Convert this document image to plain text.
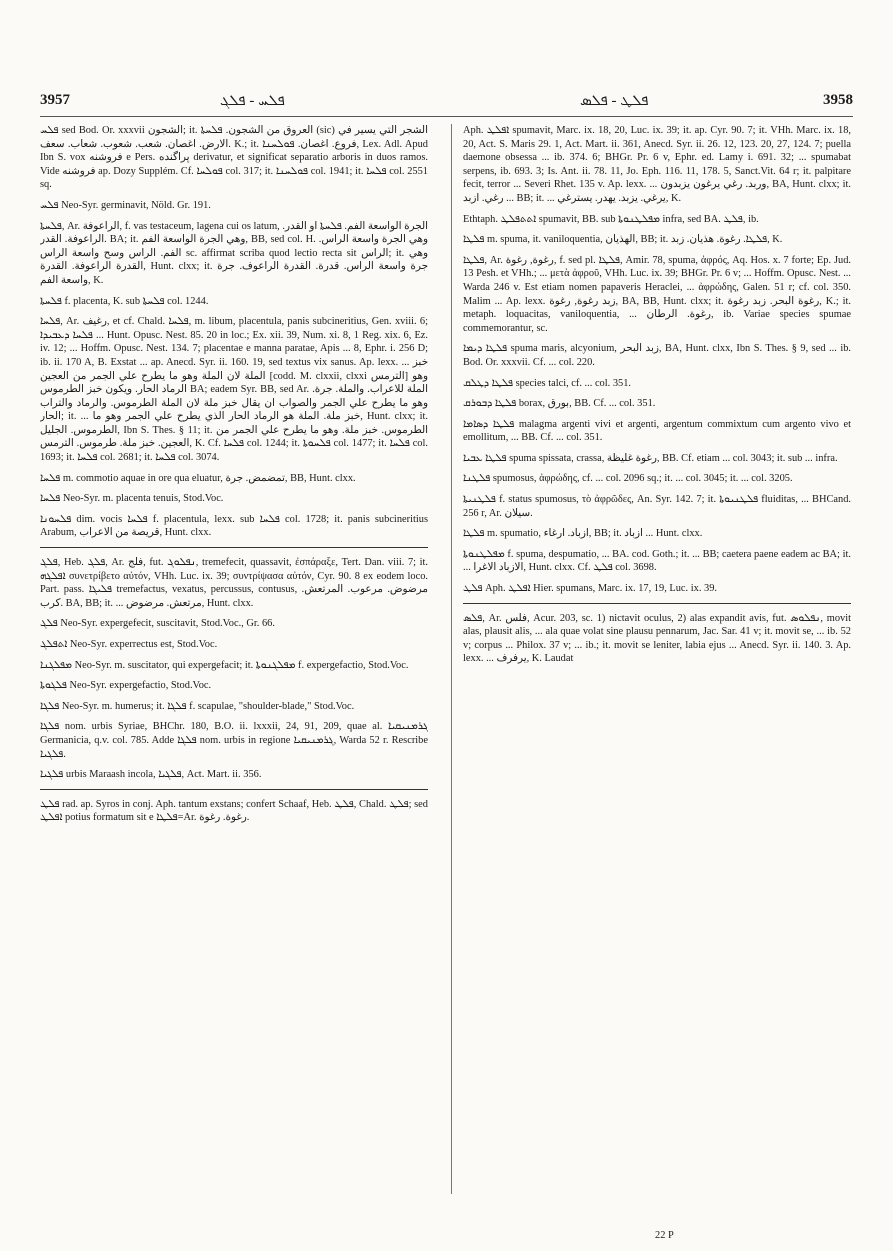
3957	ܦܠܚ - ܦܠܓ	ܦܠܛ - ܦܠܣ	3958

ܦܠܚ sed Bod. Or. xxxvii ﺍﻟﺸﺠﻮﻥ; it. ﺍﻟﻌﺮﻭﻕ ﻣﻦ ﺍﻟﺸﺠﻮﻥ. ܦܠܚܬܐ (sic) ﺍﻟﺸﺠﺮ ﺍﻟﺘﻲ ﻳﺴﻴﺮ ﻓﻲ ﺍﻻﺭﺽ. ﺍﻏﺼﺎﻥ. ﺷﻌﺐ. ﺷﻌﻮﺏ. ﺷﻌﺎﺏ. ﺳﻌﻒ. K.; it. ﻓﺮﻭﻉ. ﺍﻏﺼﺎﻥ. ܦܘܠܚܢܐ, Lex. Adl. Apud Ibn S. vox ﻓﺮﻭﺷﻨﻪ e Pers. ﭘﺮﺍﮔﻨﺪﻩ derivatur, et significat separatio arboris in duos ramos. Vide ﻓﺮﻭﺷﻨﻪ ap. Dozy Supplém. Cf. ܦܘܠܚܐ col. 317; it. ܦܘܠܚܢܐ col. 1941; it. ܦܠܚܐ col. 2551 sq.

ܦܠܚ Neo-Syr. germinavit, Nöld. Gr. 191.

ܦܠܚܬܐ, Ar. ﺍﻟﺮﺍﻋﻮﻓﺔ, f. vas testaceum, lagena cui os latum, ﺍﻟﺠﺮﺓ ﺍﻟﻮﺍﺳﻌﺔ ﺍﻟﻔﻢ. ܦܠܚܬܐ ﺍﻭ ﺍﻟﻘﺪﺭ. ﺍﻟﺮﺍﻋﻮﻓﺔ. ﺍﻟﻘﺪﺭ. BA; it. ﻭﻫﻲ ﺍﻟﺠﺮﺓ ﺍﻟﻮﺍﺳﻌﺔ ﺍﻟﻔﻢ, BB, sed col. H. ﻭﻫﻲ ﺍﻟﺠﺮﺓ ﻭﺍﺳﻌﺔ ﺍﻟﺮﺍﺱ. ﺍﻟﻔﻢ. ﺍﻟﺮﺍﺱ ﻭﺳﺢ ﻭﺍﺳﻌﺔ ﺍﻟﺮﺍﺱ sc. affirmat scriba quod lectio recta sit ﺍﻟﺮﺍﺱ; it. ﻭﻫﻲ ﺍﻟﻘﺪﺭﺓ ﺍﻟﺮﺍﻋﻮﻓﺔ. ﺍﻟﻘﺪﺭﺓ, Hunt. clxx; it. ﺟﺮﺓ ﻭﺍﺳﻌﺔ ﺍﻟﺮﺍﺱ. ﻗﺪﺭﺓ. ﺍﻟﻘﺪﺭﺓ ﺍﻟﺮﺍﻋﻮﻑ. ﺟﺮﺓ ﻭﺍﺳﻌﺔ ﺍﻟﻔﻢ, K.

ܦܠܚܬܐ f. placenta, K. sub ܦܠܚܬܐ col. 1244.

ܦܠܚܐ, Ar. ﺭﻏﻴﻒ, et cf. Chald. ܦܠܚܐ, m. libum, placentula, panis subcineritius, Gen. xviii. 6; ܦܠܚܐ ܕܥܒܝܕܐ ... Hunt. Opusc. Nest. 85. 20 in loc.; Ex. xii. 39, Num. xi. 8, 1 Reg. xix. 6, Ez. iv. 12; ... Hoffm. Opusc. Nest. 134. 7; placentae e manna paratae, Apis ... 8, Ephr. i. 256 D; ib. ii. 170 A, B. Exstat ... ap. Anecd. Syr. ii. 160. 19, sed textus vix sanus. Ap. lexx. ... ﺧﺒﺰ ﺍﻟﻤﻠﺔ ﻻﻥ ﺍﻟﻤﻠﺔ ﻭﻫﻮ ﻣﺎ ﻳﻄﺮﺡ ﻋﻠﻲ ﺍﻟﺠﻤﺮ ﻣﻦ ﺍﻟﻌﺠﻴﻦ [codd. M. clxxii, clxxi ﺍﻟﺘﺮﻣﺲ] ﻭﻫﻮ ﺍﻟﺮﻣﺎﺩ ﺍﻟﺤﺎﺭ. ﻭﻳﻜﻮﻥ ﺧﺒﺰ ﺍﻟﻄﺮﻣﻮﺱ BA; eadem Syr. BB, sed Ar. ﺍﻟﻤﻠﺔ ﻟﻼﻋﺮﺍﺏ. ﻭﺍﻟﻤﻠﺔ. ﺟﺮﺓ. ﻭﻫﻮ ﻣﺎ ﻳﻄﺮﺡ ﻋﻠﻲ ﺍﻟﺠﻤﺮ ﻭﺍﻟﺼﻮﺍﺏ ﺍﻥ ﻳﻘﺎﻝ ﺧﺒﺰ ﻣﻠﺔ ﻻﻥ ﺍﻟﻤﻠﺔ ﺍﻟﻄﺮﻣﻮﺱ. ﻭﺍﻟﺮﻣﺎﺩ ﻭﺍﻟﺘﺮﺍﺏ ﺍﻟﺤﺎﺭ; it. ... ﺧﺒﺰ ﻣﻠﺔ. ﺍﻟﻤﻠﺔ ﻫﻮ ﺍﻟﺮﻣﺎﺩ ﺍﻟﺤﺎﺭ ﺍﻟﺬﻱ ﻳﻄﺮﺡ ﻋﻠﻲ ﺍﻟﺠﻤﺮ ﻭﻫﻮ ﻣﺎ, Hunt. clxx; it. ﺍﻟﻄﺮﻣﻮﺱ. ﺍﻟﺠﻠﻴﻞ, Ibn S. Thes. § 11; it. ﺍﻟﻄﺮﻣﻮﺱ. ﺧﺒﺰ ﻣﻠﺔ. ﻭﻫﻮ ﻣﺎ ﻳﻄﺮﺡ ﻋﻠﻲ ﺍﻟﺠﻤﺮ ﻣﻦ ﺍﻟﻌﺠﻴﻦ. ﺧﺒﺰ ﻣﻠﺔ. ﻃﺮﻣﻮﺱ. ﺍﻟﺘﺮﻣﺲ, K. Cf. ܦܠܚܐ col. 1244; it. ܦܠܚܘܬܐ col. 1477; it. ܦܠܚܐ col. 1693; it. ܦܠܚܐ col. 2681; it. ܦܠܚܐ col. 3074.

ܦܠܚܐ m. commotio aquae in ore qua eluatur, ﺗﻤﻀﻤﺾ. ﺟﺮﺓ, BB, Hunt. clxx.

ܦܠܚܐ Neo-Syr. m. placenta tenuis, Stod.Voc.

ܦܠܚܘܢܐ dim. vocis ܦܠܚܐ f. placentula, lexx. sub ܦܠܚܐ col. 1728; it. panis subcineritius Arabum, ﻗﺮﻳﺼﺔ ﻣﻦ ﺍﻻﻋﺮﺍﺏ, Hunt. clxx.

ܦܠܓ, Heb. ܦܠܓ, Ar. ﻓﻠﺞ, fut. ܢܦܠܘܓ, tremefecit, quassavit, ἐσπάραξε, Tert. Dan. viii. 7; it. ܐܦܠܓܗ συνετρίβετο αὐτόν, VHh. Luc. ix. 39; συντρίψασα αὐτόν, Cyr. 90. 8 ex eodem loco. Part. pass. ܦܠܝܓܐ tremefactus, vexatus, percussus, contusus, ﻣﺮﺿﻮﺽ. ﻣﺮﻋﻮﺏ. ﺍﻟﻤﺮﺗﻌﺶ. ﻛﺮﺏ. BA, BB; it. ... ﻣﺮﺗﻌﺶ. ﻣﺮﺿﻮﺽ, Hunt. clxx.

ܦܠܓ Neo-Syr. expergefecit, suscitavit, Stod.Voc., Gr. 66.

ܐܬܦܠܓ Neo-Syr. experrectus est, Stod.Voc.

ܡܦܠܓܢܐ Neo-Syr. m. suscitator, qui expergefacit; it. ܡܦܠܓܢܘܬܐ f. expergefactio, Stod.Voc.

ܦܠܓܘܬܐ Neo-Syr. expergefactio, Stod.Voc.

ܦܠܓܐ Neo-Syr. m. humerus; it. ܦܠܓܐ f. scapulae, "shoulder-blade," Stod.Voc.

ܦܠܓܐ nom. urbis Syriae, BHChr. 180, B.O. ii. lxxxii, 24, 91, 209, quae al. ܓܪܡܢܝܩܝܐ Germanicia, q.v. col. 785. Adde ܦܠܓܐ nom. urbis in regione ܓܪܡܢܝܩܝܐ, Warda 52 r. Rescribe ܦܠܓܝܐ.

ܦܠܓܝܐ urbis Maraash incola, ܦܠܓܝܐ, Act. Mart. ii. 356.

ܦܠܛ rad. ap. Syros in conj. Aph. tantum exstans; confert Schaaf, Heb. ܦܠܛ, Chald. ܦܠܛ; sed ܐܦܠܛ potius formatum sit e ܦܠܛܐ=Ar. ﺭﻏﻮﺓ. ﺭﻏﻮﺓ.

Aph. ܐܦܠܛ spumavit, Marc. ix. 18, 20, Luc. ix. 39; it. ap. Cyr. 90. 7; it. VHh. Marc. ix. 18, 20, Act. S. Maris 29. 1, Act. Mart. ii. 361, Anecd. Syr. ii. 26. 12, 123. 20, 27, 124. 7; puella daemone obsessa ... ib. 374. 6; BHGr. Pr. 6 v, Ephr. ed. Lamy i. 691. 32; ... spumabat serpens, ib. 693. 3; Is. Ant. ii. 78. 11, Jo. Eph. 116. 11, 178. 5, Sanct.Vit. 64 r; it. palpitare fecit, terror ... Severi Rhet. 135 v. Ap. lexx. ... ﻭﺭﺑﺪ. ﺭﻏﻲ ﻳﺮﻏﻮﻥ ﻳﺰﺑﺪﻭﻥ, BA, Hunt. clxx; it. ﺭﻏﻲ. ﺍﺯﺑﺪ ... BB; it. ... ﻳﺮﻏﻲ. ﻳﺰﺑﺪ. ﻳﻬﺪﺭ. ﻳﺴﺘﺮﻏﻲ, K.

Ethtaph. ܐܬܬܦܠܛ spumavit, BB. sub ܡܦܠܛܢܘܬܐ infra, sed BA. ܦܠܛ, ib.

ܦܠܛܐ m. spuma, it. vaniloquentia, ﺍﻟﻬﺬﻳﺎﻥ, BB; it. ܦܠܛܐ. ﺭﻏﻮﺓ. ﻫﺬﻳﺎﻥ. ﺯﺑﺪ, K.

ܦܠܛܐ, Ar. ﺭﻏﻮﺓ, ﺭﻏﻮﺓ, f. sed pl. ܦܠܛܐ, Amir. 78, spuma, ἀφρός, Aq. Hos. x. 7 forte; Ep. Jud. 13 Pesh. et VHh.; ... μετὰ ἀφροῦ, VHh. Luc. ix. 39; BHGr. Pr. 6 v; ... Hoffm. Opusc. Nest. ... Warda 246 v. Est etiam nomen papaveris Heraclei, ... ἀφρώδης, Galen. 51 r; cf. col. 350. Malim ... Ap. lexx. ﺯﺑﺪ ﺭﻏﻮﺓ, ﺭﻏﻮﺓ, BA, BB, Hunt. clxx; it. ﺭﻏﻮﺓ ﺍﻟﺒﺤﺮ. ﺯﺑﺪ ﺭﻏﻮﺓ, K.; it. metaph. loquacitas, vaniloquentia, ... ﺭﻏﻮﺓ. ﺍﻟﺮﻃﺎﻥ, ib. Variae species spumae commemorantur, sc.

ܦܠܛܐ ܕܝܡܐ spuma maris, alcyonium, ﺯﺑﺪ ﺍﻟﺒﺤﺮ, BA, Hunt. clxx, Ibn S. Thes. § 9, sed ... ib. Bod. Or. xxxvii. Cf. ... col. 220.

ܦܠܛܐ ܕܛܠܩ species talci, cf. ... col. 351.

ܦܠܛܐ ܕܒܘܪܩ borax, ﺑﻮﺭﻕ, BB. Cf. ... col. 351.

ܦܠܛܐ ܕܣܐܡܐ malagma argenti vivi et argenti, argentum commixtum cum argento vivo et emollitum, ... BB. Cf. ... col. 351.

ܦܠܛܐ ܥܒܝܐ spuma spissata, crassa, ﺭﻏﻮﺓ ﻏﻠﻴﻈﺔ, BB. Cf. etiam ... col. 3043; it. sub ... infra.

ܦܠܛܢܐ spumosus, ἀφρώδης, cf. ... col. 2096 sq.; it. ... col. 3045; it. ... col. 3205.

ܦܠܛܢܝܬܐ f. status spumosus, τὸ ἀφρῶδες, An. Syr. 142. 7; it. ܦܠܛܢܝܘܬܐ fluiditas, ... BHCand. 256 r, Ar. ﺳﻴﻼﻥ.

ܦܠܛܐ m. spumatio, ﺍﺯﺑﺎﺩ. ﺍﺭﻏﺎﺀ, BB; it. ﺍﺯﺑﺎﺩ ... Hunt. clxx.

ܡܦܠܛܢܘܬܐ f. spuma, despumatio, ... BA. cod. Goth.; it. ... BB; caetera paene eadem ac BA; it. ... ﺍﻻﺯﺑﺎﺩ ﺍﻻﻏﺮﺍ, Hunt. clxx. Cf. ܦܠܛ col. 3698.

ܦܠܛ Aph. ܐܦܠܛ Hier. spumans, Marc. ix. 17, 19, Luc. ix. 39.

ܦܠܣ, Ar. ﻓﻠﺲ, Acur. 203, sc. 1) nictavit oculus, 2) alas expandit avis, fut. ܢܦܠܘܣ, movit alas, plausit alis, ... ala quae volat sine plausu pennarum, Jac. Sar. 41 v; it. movit se, ... ib. 52 v; corpus ... Philox. 37 v; ... ib.; it. movit se leniter, labia ejus ... Anecd. Syr. ii. 140. 3. Ap. lexx. ... ﻳﺮﻓﺮﻑ, K. Laudat

22 P
